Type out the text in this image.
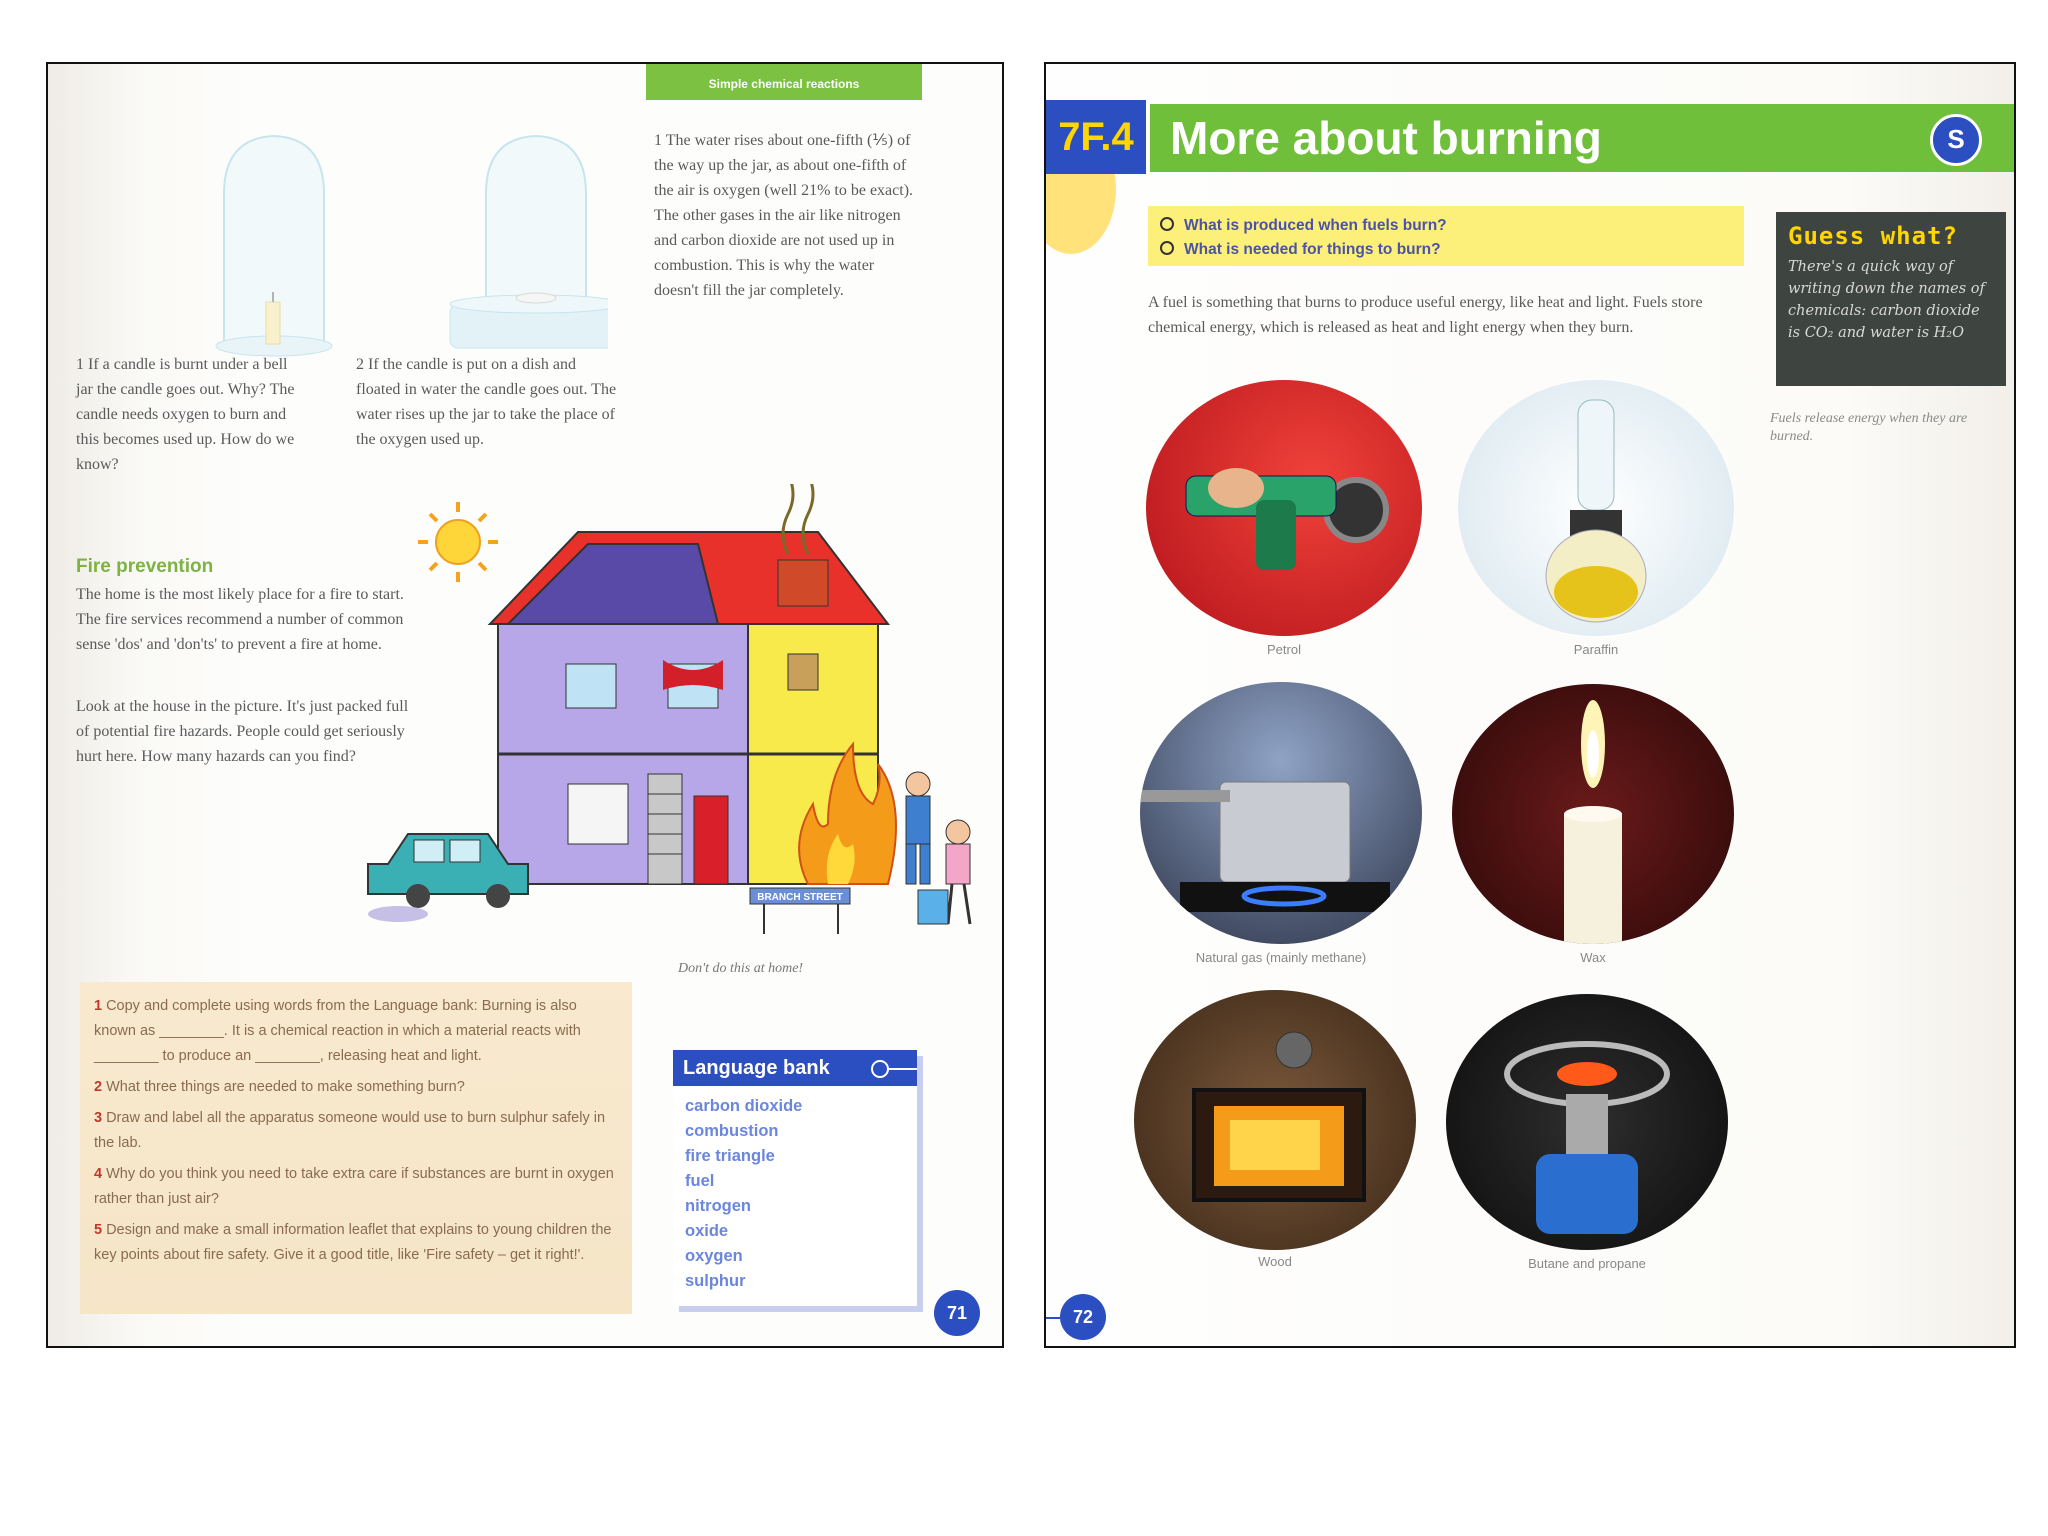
Simple chemical reactions
1 The water rises about one-fifth (⅕) of the way up the jar, as about one-fifth of the air is oxygen (well 21% to be exact). The other gases in the air like nitrogen and carbon dioxide are not used up in combustion. This is why the water doesn't fill the jar completely.
1 If a candle is burnt under a bell jar the candle goes out. Why? The candle needs oxygen to burn and this becomes used up. How do we know?
2 If the candle is put on a dish and floated in water the candle goes out. The water rises up the jar to take the place of the oxygen used up.
Fire prevention
The home is the most likely place for a fire to start. The fire services recommend a number of common sense 'dos' and 'don'ts' to prevent a fire at home.
Look at the house in the picture. It's just packed full of potential fire hazards. People could get seriously hurt here. How many hazards can you find?
BRANCH STREET
Don't do this at home!
1 Copy and complete using words from the Language bank: Burning is also known as ________. It is a chemical reaction in which a material reacts with ________ to produce an ________, releasing heat and light.
2 What three things are needed to make something burn?
3 Draw and label all the apparatus someone would use to burn sulphur safely in the lab.
4 Why do you think you need to take extra care if substances are burnt in oxygen rather than just air?
5 Design and make a small information leaflet that explains to young children the key points about fire safety. Give it a good title, like 'Fire safety – get it right!'.
Language bank
carbon dioxide
combustion
fire triangle
fuel
nitrogen
oxide
oxygen
sulphur
71
7F.4 More about burning	S
What is produced when fuels burn?
What is needed for things to burn?
A fuel is something that burns to produce useful energy, like heat and light. Fuels store chemical energy, which is released as heat and light energy when they burn.
Guess what?
There's a quick way of writing down the names of chemicals: carbon dioxide is CO₂ and water is H₂O
Fuels release energy when they are burned.
Petrol	Paraffin
Natural gas (mainly methane)	Wax
Wood	Butane and propane
72
